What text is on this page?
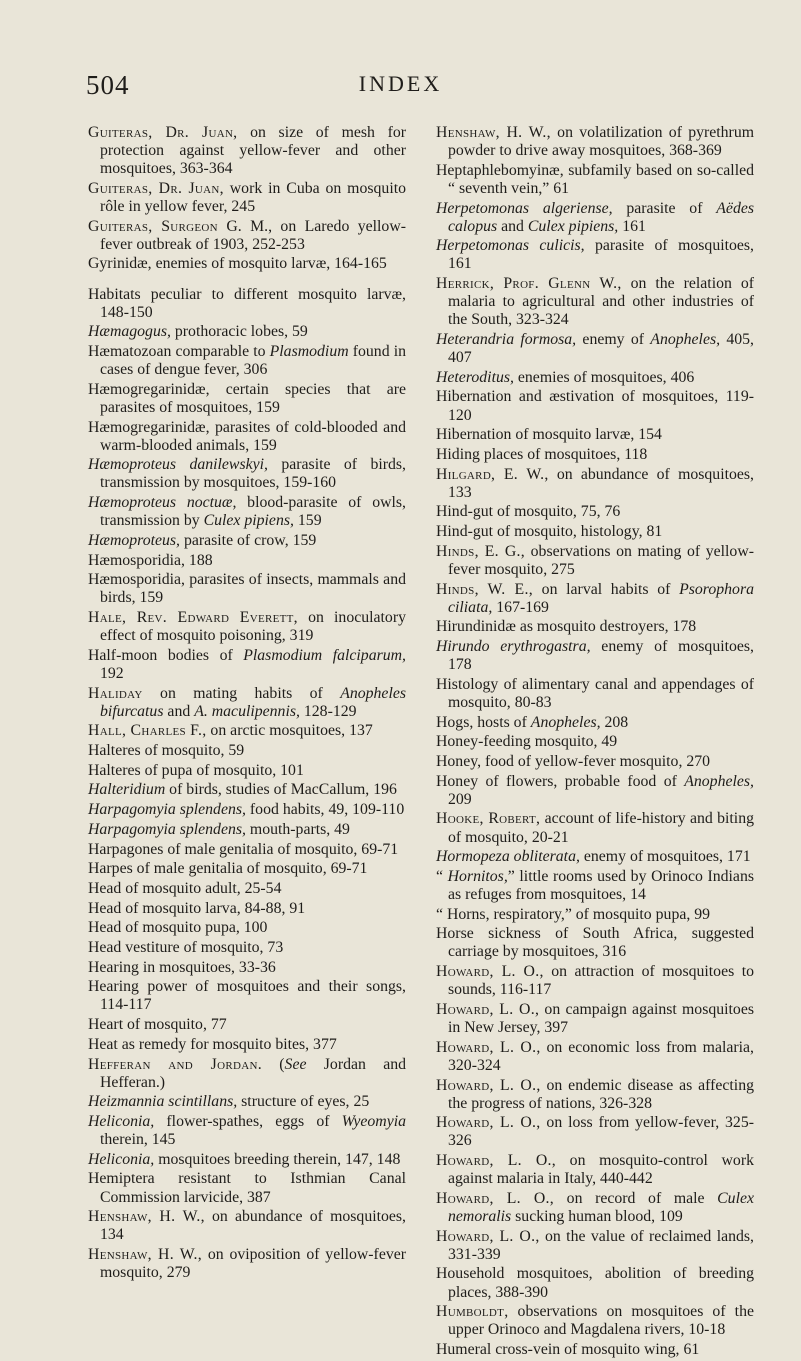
504	INDEX

Guiteras, Dr. Juan, on size of mesh for protection against yellow-fever and other mosquitoes, 363-364

Guiteras, Dr. Juan, work in Cuba on mosquito rôle in yellow fever, 245

Guiteras, Surgeon G. M., on Laredo yellow-fever outbreak of 1903, 252-253

Gyrinidæ, enemies of mosquito larvæ, 164-165

Habitats peculiar to different mosquito larvæ, 148-150

Hæmagogus, prothoracic lobes, 59

Hæmatozoan comparable to Plasmodium found in cases of dengue fever, 306

Hæmogregarinidæ, certain species that are parasites of mosquitoes, 159

Hæmogregarinidæ, parasites of cold-blooded and warm-blooded animals, 159

Hæmoproteus danilewskyi, parasite of birds, transmission by mosquitoes, 159-160

Hæmoproteus noctuæ, blood-parasite of owls, transmission by Culex pipiens, 159

Hæmoproteus, parasite of crow, 159

Hæmosporidia, 188

Hæmosporidia, parasites of insects, mammals and birds, 159

Hale, Rev. Edward Everett, on inoculatory effect of mosquito poisoning, 319

Half-moon bodies of Plasmodium falciparum, 192

Haliday on mating habits of Anopheles bifurcatus and A. maculipennis, 128-129

Hall, Charles F., on arctic mosquitoes, 137

Halteres of mosquito, 59

Halteres of pupa of mosquito, 101

Halteridium of birds, studies of MacCallum, 196

Harpagomyia splendens, food habits, 49, 109-110

Harpagomyia splendens, mouth-parts, 49

Harpagones of male genitalia of mosquito, 69-71

Harpes of male genitalia of mosquito, 69-71

Head of mosquito adult, 25-54

Head of mosquito larva, 84-88, 91

Head of mosquito pupa, 100

Head vestiture of mosquito, 73

Hearing in mosquitoes, 33-36

Hearing power of mosquitoes and their songs, 114-117

Heart of mosquito, 77

Heat as remedy for mosquito bites, 377

Hefferan and Jordan. (See Jordan and Hefferan.)

Heizmannia scintillans, structure of eyes, 25

Heliconia, flower-spathes, eggs of Wyeomyia therein, 145

Heliconia, mosquitoes breeding therein, 147, 148

Hemiptera resistant to Isthmian Canal Commission larvicide, 387

Henshaw, H. W., on abundance of mosquitoes, 134

Henshaw, H. W., on oviposition of yellow-fever mosquito, 279

Henshaw, H. W., on volatilization of pyrethrum powder to drive away mosquitoes, 368-369

Heptaphlebomyinæ, subfamily based on so-called “ seventh vein,” 61

Herpetomonas algeriense, parasite of Aëdes calopus and Culex pipiens, 161

Herpetomonas culicis, parasite of mosquitoes, 161

Herrick, Prof. Glenn W., on the relation of malaria to agricultural and other industries of the South, 323-324

Heterandria formosa, enemy of Anopheles, 405, 407

Heteroditus, enemies of mosquitoes, 406

Hibernation and æstivation of mosquitoes, 119-120

Hibernation of mosquito larvæ, 154

Hiding places of mosquitoes, 118

Hilgard, E. W., on abundance of mosquitoes, 133

Hind-gut of mosquito, 75, 76

Hind-gut of mosquito, histology, 81

Hinds, E. G., observations on mating of yellow-fever mosquito, 275

Hinds, W. E., on larval habits of Psorophora ciliata, 167-169

Hirundinidæ as mosquito destroyers, 178

Hirundo erythrogastra, enemy of mosquitoes, 178

Histology of alimentary canal and appendages of mosquito, 80-83

Hogs, hosts of Anopheles, 208

Honey-feeding mosquito, 49

Honey, food of yellow-fever mosquito, 270

Honey of flowers, probable food of Anopheles, 209

Hooke, Robert, account of life-history and biting of mosquito, 20-21

Hormopeza obliterata, enemy of mosquitoes, 171

“ Hornitos,” little rooms used by Orinoco Indians as refuges from mosquitoes, 14

“ Horns, respiratory,” of mosquito pupa, 99

Horse sickness of South Africa, suggested carriage by mosquitoes, 316

Howard, L. O., on attraction of mosquitoes to sounds, 116-117

Howard, L. O., on campaign against mosquitoes in New Jersey, 397

Howard, L. O., on economic loss from malaria, 320-324

Howard, L. O., on endemic disease as affecting the progress of nations, 326-328

Howard, L. O., on loss from yellow-fever, 325-326

Howard, L. O., on mosquito-control work against malaria in Italy, 440-442

Howard, L. O., on record of male Culex nemoralis sucking human blood, 109

Howard, L. O., on the value of reclaimed lands, 331-339

Household mosquitoes, abolition of breeding places, 388-390

Humboldt, observations on mosquitoes of the upper Orinoco and Magdalena rivers, 10-18

Humeral cross-vein of mosquito wing, 61
